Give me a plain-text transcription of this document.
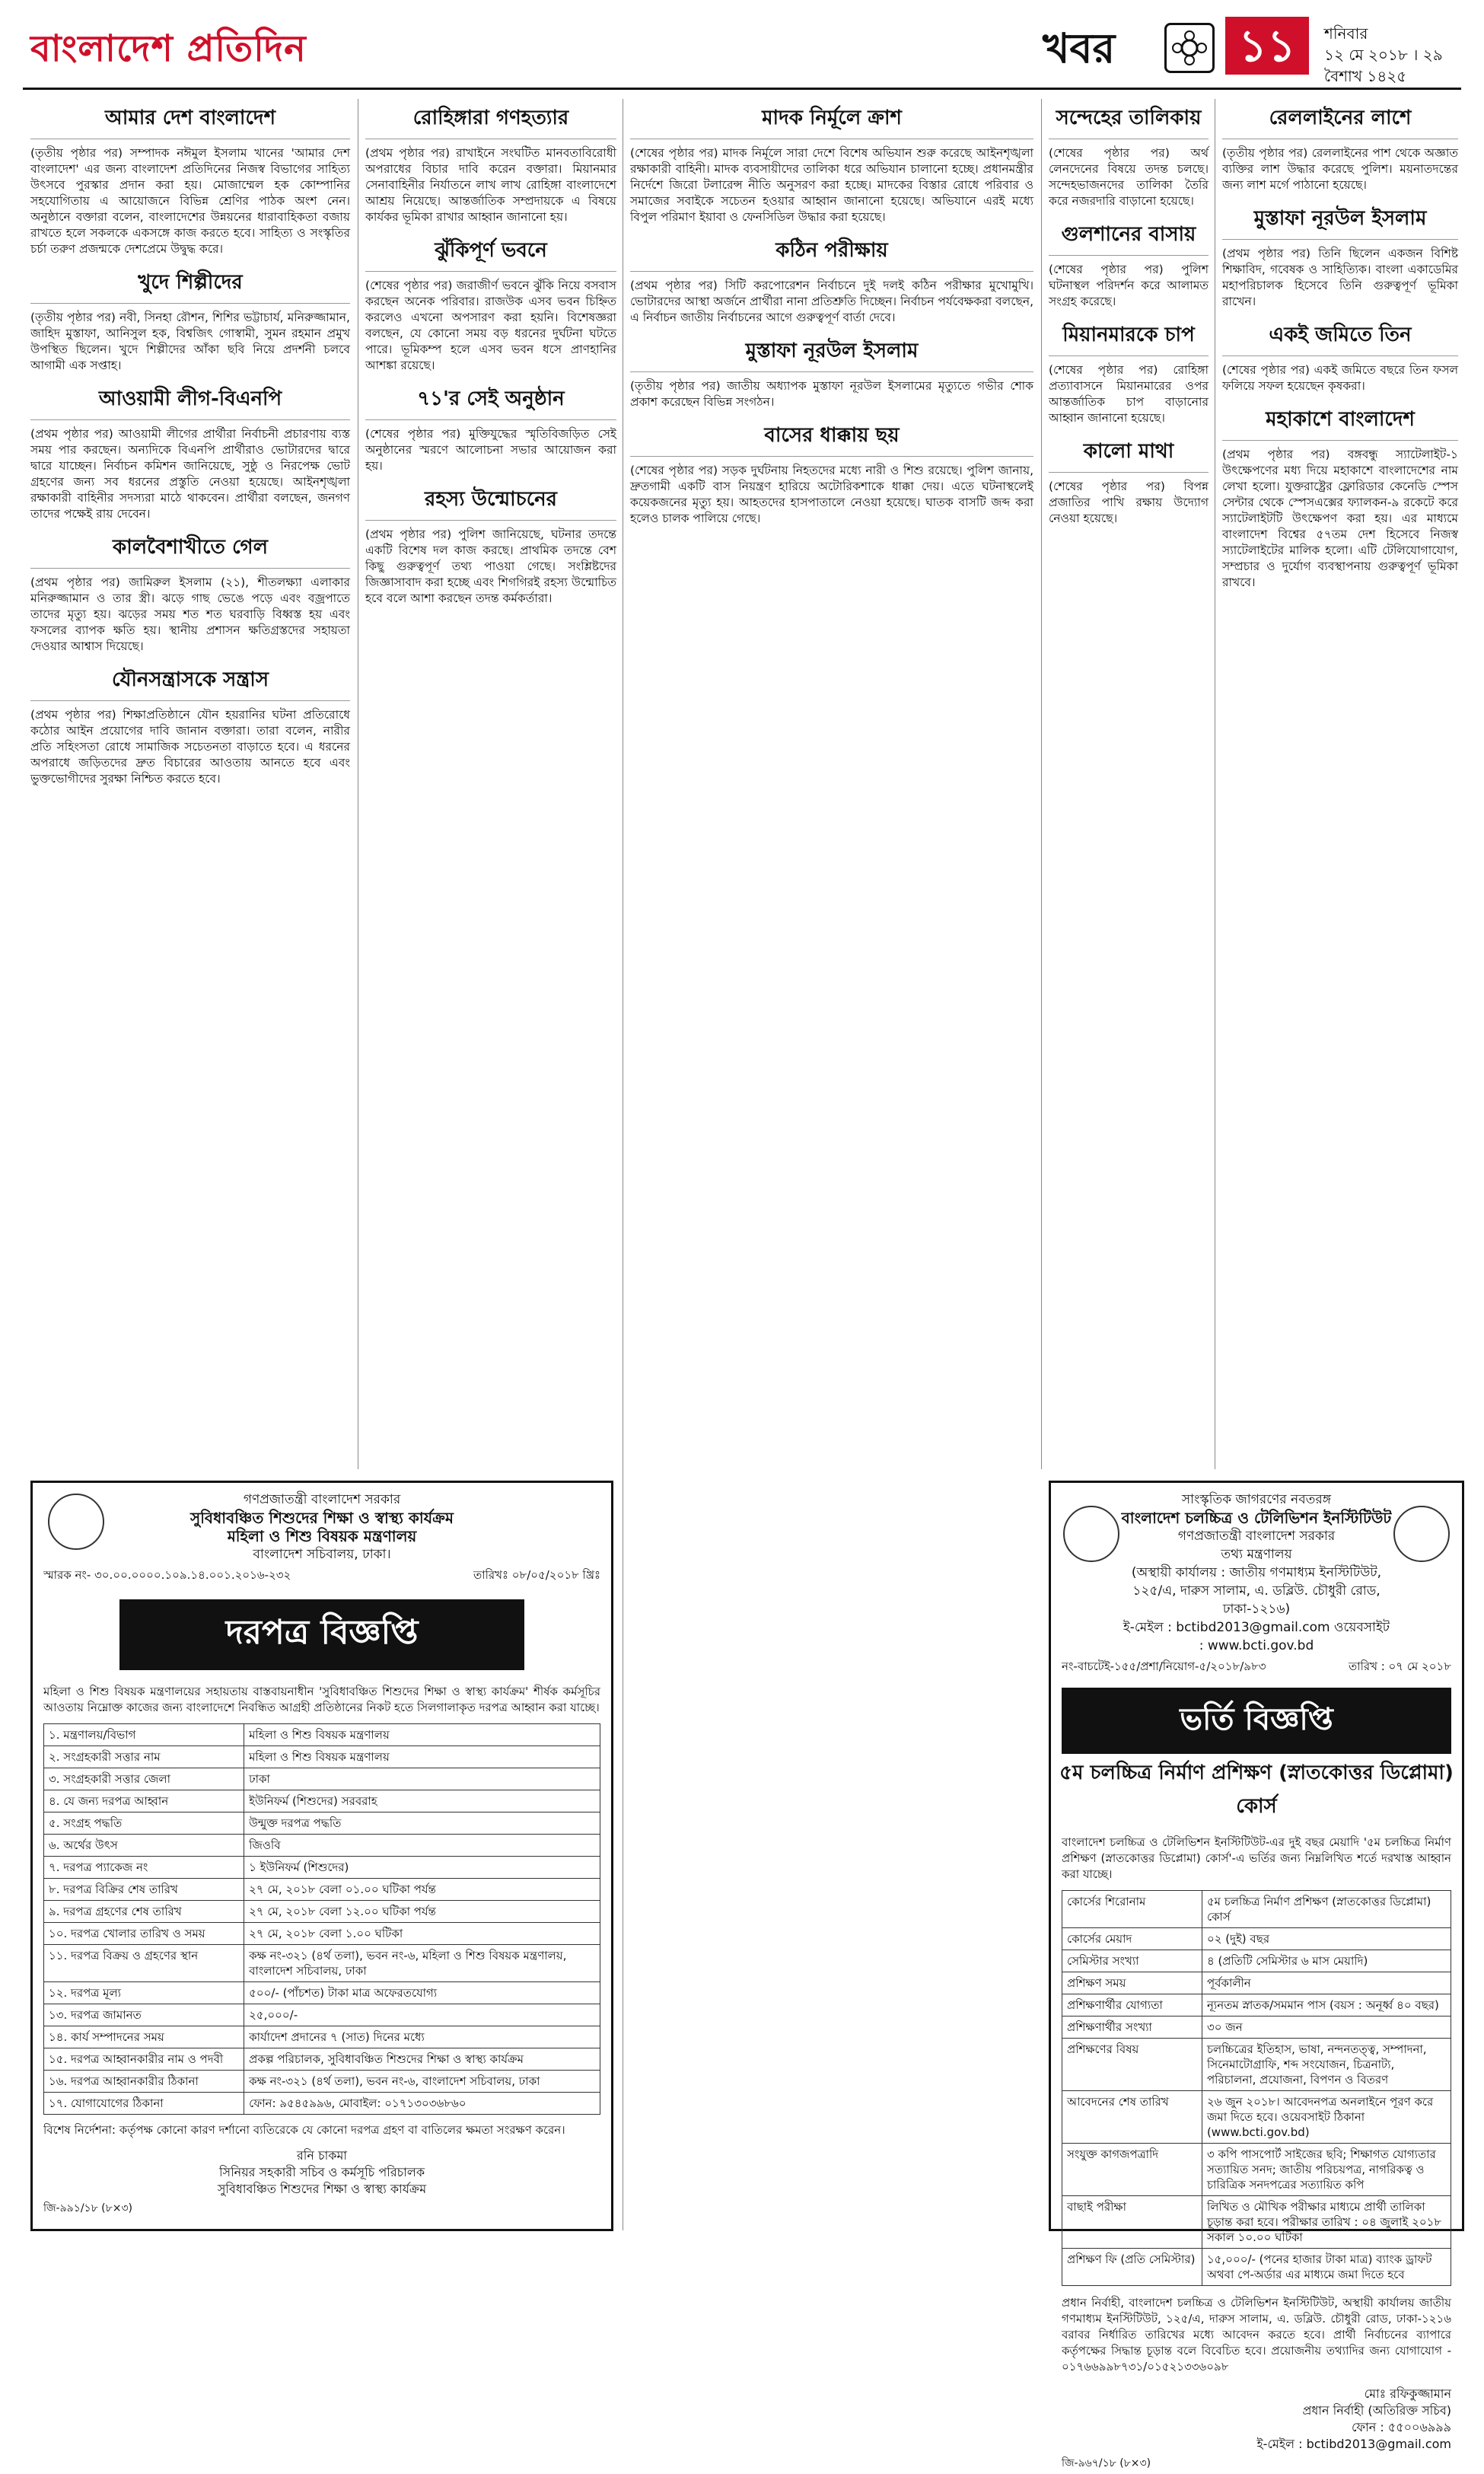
বাংলাদেশ প্রতিদিন	খবর	১১	শনিবার
১২ মে ২০১৮ । ২৯ বৈশাখ ১৪২৫
আমার দেশ বাংলাদেশ

(তৃতীয় পৃষ্ঠার পর) সম্পাদক ন‍ঈমুল ইসলাম খানের 'আমার দেশ বাংলাদেশ' এর জন্য বাংলাদেশ প্রতিদিনের নিজস্ব বিভাগের সাহিত্য উৎসবে পুরস্কার প্রদান করা হয়। মোজাম্মেল হক কোম্পানির সহযোগিতায় এ আয়োজনে বিভিন্ন শ্রেণির পাঠক অংশ নেন। অনুষ্ঠানে বক্তারা বলেন, বাংলাদেশের উন্নয়নের ধারাবাহিকতা বজায় রাখতে হলে সকলকে একসঙ্গে কাজ করতে হবে। সাহিত্য ও সংস্কৃতির চর্চা তরুণ প্রজন্মকে দেশপ্রেমে উদ্বুদ্ধ করে।

খুদে শিল্পীদের

(তৃতীয় পৃষ্ঠার পর) নবী, সিনহা রৌশন, শিশির ভট্টাচার্য, মনিরুজ্জামান, জাহিদ মুস্তাফা, আনিসুল হক, বিশ্বজিৎ গোস্বামী, সুমন রহমান প্রমুখ উপস্থিত ছিলেন। খুদে শিল্পীদের আঁকা ছবি নিয়ে প্রদর্শনী চলবে আগামী এক সপ্তাহ।

আওয়ামী লীগ-বিএনপি

(প্রথম পৃষ্ঠার পর) আওয়ামী লীগের প্রার্থীরা নির্বাচনী প্রচারণায় ব্যস্ত সময় পার করছেন। অন্যদিকে বিএনপি প্রার্থীরাও ভোটারদের দ্বারে দ্বারে যাচ্ছেন। নির্বাচন কমিশন জানিয়েছে, সুষ্ঠু ও নিরপেক্ষ ভোট গ্রহণের জন্য সব ধরনের প্রস্তুতি নেওয়া হয়েছে। আইনশৃঙ্খলা রক্ষাকারী বাহিনীর সদস্যরা মাঠে থাকবেন। প্রার্থীরা বলছেন, জনগণ তাদের পক্ষেই রায় দেবেন।

কালবৈশাখীতে গেল

(প্রথম পৃষ্ঠার পর) জামিরুল ইসলাম (২১), শীতলক্ষ্যা এলাকার মনিরুজ্জামান ও তার স্ত্রী। ঝড়ে গাছ ভেঙে পড়ে এবং বজ্রপাতে তাদের মৃত্যু হয়। ঝড়ের সময় শত শত ঘরবাড়ি বিধ্বস্ত হয় এবং ফসলের ব্যাপক ক্ষতি হয়। স্থানীয় প্রশাসন ক্ষতিগ্রস্তদের সহায়তা দেওয়ার আশ্বাস দিয়েছে।

যৌনসন্ত্রাসকে সন্ত্রাস

(প্রথম পৃষ্ঠার পর) শিক্ষাপ্রতিষ্ঠানে যৌন হয়রানির ঘটনা প্রতিরোধে কঠোর আইন প্রয়োগের দাবি জানান বক্তারা। তারা বলেন, নারীর প্রতি সহিংসতা রোধে সামাজিক সচেতনতা বাড়াতে হবে। এ ধরনের অপরাধে জড়িতদের দ্রুত বিচারের আওতায় আনতে হবে এবং ভুক্তভোগীদের সুরক্ষা নিশ্চিত করতে হবে।

রোহিঙ্গারা গণহত্যার

(প্রথম পৃষ্ঠার পর) রাখাইনে সংঘটিত মানবতাবিরোধী অপরাধের বিচার দাবি করেন বক্তারা। মিয়ানমার সেনাবাহিনীর নির্যাতনে লাখ লাখ রোহিঙ্গা বাংলাদেশে আশ্রয় নিয়েছে। আন্তর্জাতিক সম্প্রদায়কে এ বিষয়ে কার্যকর ভূমিকা রাখার আহ্বান জানানো হয়।

ঝুঁকিপূর্ণ ভবনে

(শেষের পৃষ্ঠার পর) জরাজীর্ণ ভবনে ঝুঁকি নিয়ে বসবাস করছেন অনেক পরিবার। রাজউক এসব ভবন চিহ্নিত করলেও এখনো অপসারণ করা হয়নি। বিশেষজ্ঞরা বলছেন, যে কোনো সময় বড় ধরনের দুর্ঘটনা ঘটতে পারে। ভূমিকম্প হলে এসব ভবন ধসে প্রাণহানির আশঙ্কা রয়েছে।

৭১'র সেই অনুষ্ঠান

(শেষের পৃষ্ঠার পর) মুক্তিযুদ্ধের স্মৃতিবিজড়িত সেই অনুষ্ঠানের স্মরণে আলোচনা সভার আয়োজন করা হয়।

রহস্য উন্মোচনের

(প্রথম পৃষ্ঠার পর) পুলিশ জানিয়েছে, ঘটনার তদন্তে একটি বিশেষ দল কাজ করছে। প্রাথমিক তদন্তে বেশ কিছু গুরুত্বপূর্ণ তথ্য পাওয়া গেছে। সংশ্লিষ্টদের জিজ্ঞাসাবাদ করা হচ্ছে এবং শিগগিরই রহস্য উন্মোচিত হবে বলে আশা করছেন তদন্ত কর্মকর্তারা।

মাদক নির্মূলে ক্রাশ

(শেষের পৃষ্ঠার পর) মাদক নির্মূলে সারা দেশে বিশেষ অভিযান শুরু করেছে আইনশৃঙ্খলা রক্ষাকারী বাহিনী। মাদক ব্যবসায়ীদের তালিকা ধরে অভিযান চালানো হচ্ছে। প্রধানমন্ত্রীর নির্দেশে জিরো টলারেন্স নীতি অনুসরণ করা হচ্ছে। মাদকের বিস্তার রোধে পরিবার ও সমাজের সবাইকে সচেতন হওয়ার আহ্বান জানানো হয়েছে। অভিযানে এরই মধ্যে বিপুল পরিমাণ ইয়াবা ও ফেনসিডিল উদ্ধার করা হয়েছে।

কঠিন পরীক্ষায়

(প্রথম পৃষ্ঠার পর) সিটি করপোরেশন নির্বাচনে দুই দলই কঠিন পরীক্ষার মুখোমুখি। ভোটারদের আস্থা অর্জনে প্রার্থীরা নানা প্রতিশ্রুতি দিচ্ছেন। নির্বাচন পর্যবেক্ষকরা বলছেন, এ নির্বাচন জাতীয় নির্বাচনের আগে গুরুত্বপূর্ণ বার্তা দেবে।

মুস্তাফা নূরউল ইসলাম

(তৃতীয় পৃষ্ঠার পর) জাতীয় অধ্যাপক মুস্তাফা নূরউল ইসলামের মৃত্যুতে গভীর শোক প্রকাশ করেছেন বিভিন্ন সংগঠন।

বাসের ধাক্কায় ছয়

(শেষের পৃষ্ঠার পর) সড়ক দুর্ঘটনায় নিহতদের মধ্যে নারী ও শিশু রয়েছে। পুলিশ জানায়, দ্রুতগামী একটি বাস নিয়ন্ত্রণ হারিয়ে অটোরিকশাকে ধাক্কা দেয়। এতে ঘটনাস্থলেই কয়েকজনের মৃত্যু হয়। আহতদের হাসপাতালে নেওয়া হয়েছে। ঘাতক বাসটি জব্দ করা হলেও চালক পালিয়ে গেছে।

সন্দেহের তালিকায়

(শেষের পৃষ্ঠার পর) অর্থ লেনদেনের বিষয়ে তদন্ত চলছে। সন্দেহভাজনদের তালিকা তৈরি করে নজরদারি বাড়ানো হয়েছে।

গুলশানের বাসায়

(শেষের পৃষ্ঠার পর) পুলিশ ঘটনাস্থল পরিদর্শন করে আলামত সংগ্রহ করেছে।

মিয়ানমারকে চাপ

(শেষের পৃষ্ঠার পর) রোহিঙ্গা প্রত্যাবাসনে মিয়ানমারের ওপর আন্তর্জাতিক চাপ বাড়ানোর আহ্বান জানানো হয়েছে।

কালো মাথা

(শেষের পৃষ্ঠার পর) বিপন্ন প্রজাতির পাখি রক্ষায় উদ্যোগ নেওয়া হয়েছে।

রেললাইনের লাশে

(তৃতীয় পৃষ্ঠার পর) রেললাইনের পাশ থেকে অজ্ঞাত ব্যক্তির লাশ উদ্ধার করেছে পুলিশ। ময়নাতদন্তের জন্য লাশ মর্গে পাঠানো হয়েছে।

মুস্তাফা নূরউল ইসলাম

(প্রথম পৃষ্ঠার পর) তিনি ছিলেন একজন বিশিষ্ট শিক্ষাবিদ, গবেষক ও সাহিত্যিক। বাংলা একাডেমির মহাপরিচালক হিসেবে তিনি গুরুত্বপূর্ণ ভূমিকা রাখেন।

একই জমিতে তিন

(শেষের পৃষ্ঠার পর) একই জমিতে বছরে তিন ফসল ফলিয়ে সফল হয়েছেন কৃষকরা।

মহাকাশে বাংলাদেশ

(প্রথম পৃষ্ঠার পর) বঙ্গবন্ধু স্যাটেলাইট-১ উৎক্ষেপণের মধ্য দিয়ে মহাকাশে বাংলাদেশের নাম লেখা হলো। যুক্তরাষ্ট্রের ফ্লোরিডার কেনেডি স্পেস সেন্টার থেকে স্পেসএক্সের ফ্যালকন-৯ রকেটে করে স্যাটেলাইটটি উৎক্ষেপণ করা হয়। এর মাধ্যমে বাংলাদেশ বিশ্বের ৫৭তম দেশ হিসেবে নিজস্ব স্যাটেলাইটের মালিক হলো। এটি টেলিযোগাযোগ, সম্প্রচার ও দুর্যোগ ব্যবস্থাপনায় গুরুত্বপূর্ণ ভূমিকা রাখবে।

গণপ্রজাতন্ত্রী বাংলাদেশ সরকার
সুবিধাবঞ্চিত শিশুদের শিক্ষা ও স্বাস্থ্য কার্যক্রম
মহিলা ও শিশু বিষয়ক মন্ত্রণালয়
বাংলাদেশ সচিবালয়, ঢাকা।
স্মারক নং- ৩০.০০.০০০০.১০৯.১৪.০০১.২০১৬-২৩২	তারিখঃ ০৮/০৫/২০১৮ খ্রিঃ
দরপত্র বিজ্ঞপ্তি
মহিলা ও শিশু বিষয়ক মন্ত্রণালয়ের সহায়তায় বাস্তবায়নাধীন 'সুবিধাবঞ্চিত শিশুদের শিক্ষা ও স্বাস্থ্য কার্যক্রম' শীর্ষক কর্মসূচির আওতায় নিম্নোক্ত কাজের জন্য বাংলাদেশে নিবন্ধিত আগ্রহী প্রতিষ্ঠানের নিকট হতে সিলগালাকৃত দরপত্র আহ্বান করা যাচ্ছে।
১. মন্ত্রণালয়/বিভাগ	মহিলা ও শিশু বিষয়ক মন্ত্রণালয়
২. সংগ্রহকারী সত্তার নাম	মহিলা ও শিশু বিষয়ক মন্ত্রণালয়
৩. সংগ্রহকারী সত্তার জেলা	ঢাকা
৪. যে জন্য দরপত্র আহ্বান	ইউনিফর্ম (শিশুদের) সরবরাহ
৫. সংগ্রহ পদ্ধতি	উন্মুক্ত দরপত্র পদ্ধতি
৬. অর্থের উৎস	জিওবি
৭. দরপত্র প্যাকেজ নং	১ ইউনিফর্ম (শিশুদের)
৮. দরপত্র বিক্রির শেষ তারিখ	২৭ মে, ২০১৮ বেলা ০১.০০ ঘটিকা পর্যন্ত
৯. দরপত্র গ্রহণের শেষ তারিখ	২৭ মে, ২০১৮ বেলা ১২.০০ ঘটিকা পর্যন্ত
১০. দরপত্র খোলার তারিখ ও সময়	২৭ মে, ২০১৮ বেলা ১.০০ ঘটিকা
১১. দরপত্র বিক্রয় ও গ্রহণের স্থান	কক্ষ নং-৩২১ (৪র্থ তলা), ভবন নং-৬, মহিলা ও শিশু বিষয়ক মন্ত্রণালয়, বাংলাদেশ সচিবালয়, ঢাকা
১২. দরপত্র মূল্য	৫০০/- (পাঁচশত) টাকা মাত্র অফেরতযোগ্য
১৩. দরপত্র জামানত	২৫,০০০/-
১৪. কার্য সম্পাদনের সময়	কার্যাদেশ প্রদানের ৭ (সাত) দিনের মধ্যে
১৫. দরপত্র আহ্বানকারীর নাম ও পদবী	প্রকল্প পরিচালক, সুবিধাবঞ্চিত শিশুদের শিক্ষা ও স্বাস্থ্য কার্যক্রম
১৬. দরপত্র আহ্বানকারীর ঠিকানা	কক্ষ নং-৩২১ (৪র্থ তলা), ভবন নং-৬, বাংলাদেশ সচিবালয়, ঢাকা
১৭. যোগাযোগের ঠিকানা	ফোন: ৯৫৪৫৯৯৬, মোবাইল: ০১৭১৩০৩৬৮৬০
বিশেষ নির্দেশনা: কর্তৃপক্ষ কোনো কারণ দর্শানো ব্যতিরেকে যে কোনো দরপত্র গ্রহণ বা বাতিলের ক্ষমতা সংরক্ষণ করেন।
রনি চাকমা
সিনিয়র সহকারী সচিব ও কর্মসূচি পরিচালক
সুবিধাবঞ্চিত শিশুদের শিক্ষা ও স্বাস্থ্য কার্যক্রম
জি-৯৯১/১৮ (৮×৩)
সাংস্কৃতিক জাগরণের নবতরঙ্গ
বাংলাদেশ চলচ্চিত্র ও টেলিভিশন ইনস্টিটিউট
গণপ্রজাতন্ত্রী বাংলাদেশ সরকার
তথ্য মন্ত্রণালয়
(অস্থায়ী কার্যালয় : জাতীয় গণমাধ্যম ইনস্টিটিউট,
১২৫/এ, দারুস সালাম, এ. ডব্লিউ. চৌধুরী রোড, ঢাকা-১২১৬)
ই-মেইল : bctibd2013@gmail.com ওয়েবসাইট : www.bcti.gov.bd
নং-বাচটেই-১৫৫/প্রশা/নিয়োগ-৫/২০১৮/৯৮৩	তারিখ : ০৭ মে ২০১৮
ভর্তি বিজ্ঞপ্তি
৫ম চলচ্চিত্র নির্মাণ প্রশিক্ষণ (স্নাতকোত্তর ডিপ্লোমা) কোর্স
বাংলাদেশ চলচ্চিত্র ও টেলিভিশন ইনস্টিটিউট-এর দুই বছর মেয়াদি '৫ম চলচ্চিত্র নির্মাণ প্রশিক্ষণ (স্নাতকোত্তর ডিপ্লোমা) কোর্স'-এ ভর্তির জন্য নিম্নলিখিত শর্তে দরখাস্ত আহ্বান করা যাচ্ছে।
কোর্সের শিরোনাম	৫ম চলচ্চিত্র নির্মাণ প্রশিক্ষণ (স্নাতকোত্তর ডিপ্লোমা) কোর্স
কোর্সের মেয়াদ	০২ (দুই) বছর
সেমিস্টার সংখ্যা	৪ (প্রতিটি সেমিস্টার ৬ মাস মেয়াদি)
প্রশিক্ষণ সময়	পূর্বকালীন
প্রশিক্ষণার্থীর যোগ্যতা	ন্যূনতম স্নাতক/সমমান পাস (বয়স : অনূর্ধ্ব ৪০ বছর)
প্রশিক্ষণার্থীর সংখ্যা	৩০ জন
প্রশিক্ষণের বিষয়	চলচ্চিত্রের ইতিহাস, ভাষা, নন্দনতত্ত্ব, সম্পাদনা, সিনেমাটোগ্রাফি, শব্দ সংযোজন, চিত্রনাট্য, পরিচালনা, প্রযোজনা, বিপণন ও বিতরণ
আবেদনের শেষ তারিখ	২৬ জুন ২০১৮। আবেদনপত্র অনলাইনে পূরণ করে জমা দিতে হবে। ওয়েবসাইট ঠিকানা (www.bcti.gov.bd)
সংযুক্ত কাগজপত্রাদি	৩ কপি পাসপোর্ট সাইজের ছবি; শিক্ষাগত যোগ্যতার সত্যায়িত সনদ; জাতীয় পরিচয়পত্র, নাগরিকত্ব ও চারিত্রিক সনদপত্রের সত্যায়িত কপি
বাছাই পরীক্ষা	লিখিত ও মৌখিক পরীক্ষার মাধ্যমে প্রার্থী তালিকা চূড়ান্ত করা হবে। পরীক্ষার তারিখ : ০৪ জুলাই ২০১৮ সকাল ১০.০০ ঘটিকা
প্রশিক্ষণ ফি (প্রতি সেমিস্টার)	১৫,০০০/- (পনের হাজার টাকা মাত্র) ব্যাংক ড্রাফট অথবা পে-অর্ডার এর মাধ্যমে জমা দিতে হবে
প্রধান নির্বাহী, বাংলাদেশ চলচ্চিত্র ও টেলিভিশন ইনস্টিটিউট, অস্থায়ী কার্যালয় জাতীয় গণমাধ্যম ইনস্টিটিউট, ১২৫/এ, দারুস সালাম, এ. ডব্লিউ. চৌধুরী রোড, ঢাকা-১২১৬ বরাবর নির্ধারিত তারিখের মধ্যে আবেদন করতে হবে। প্রার্থী নির্বাচনের ব্যাপারে কর্তৃপক্ষের সিদ্ধান্ত চূড়ান্ত বলে বিবেচিত হবে। প্রয়োজনীয় তথ্যাদির জন্য যোগাযোগ - ০১৭৬৬৯৯৮৭৩১/০১৫২১৩৩৬০৯৮
মোঃ রফিকুজ্জামান
প্রধান নির্বাহী (অতিরিক্ত সচিব)
ফোন : ৫৫০০৬৯৯৯
ই-মেইল : bctibd2013@gmail.com
জি-৯৬৭/১৮ (৮×৩)
